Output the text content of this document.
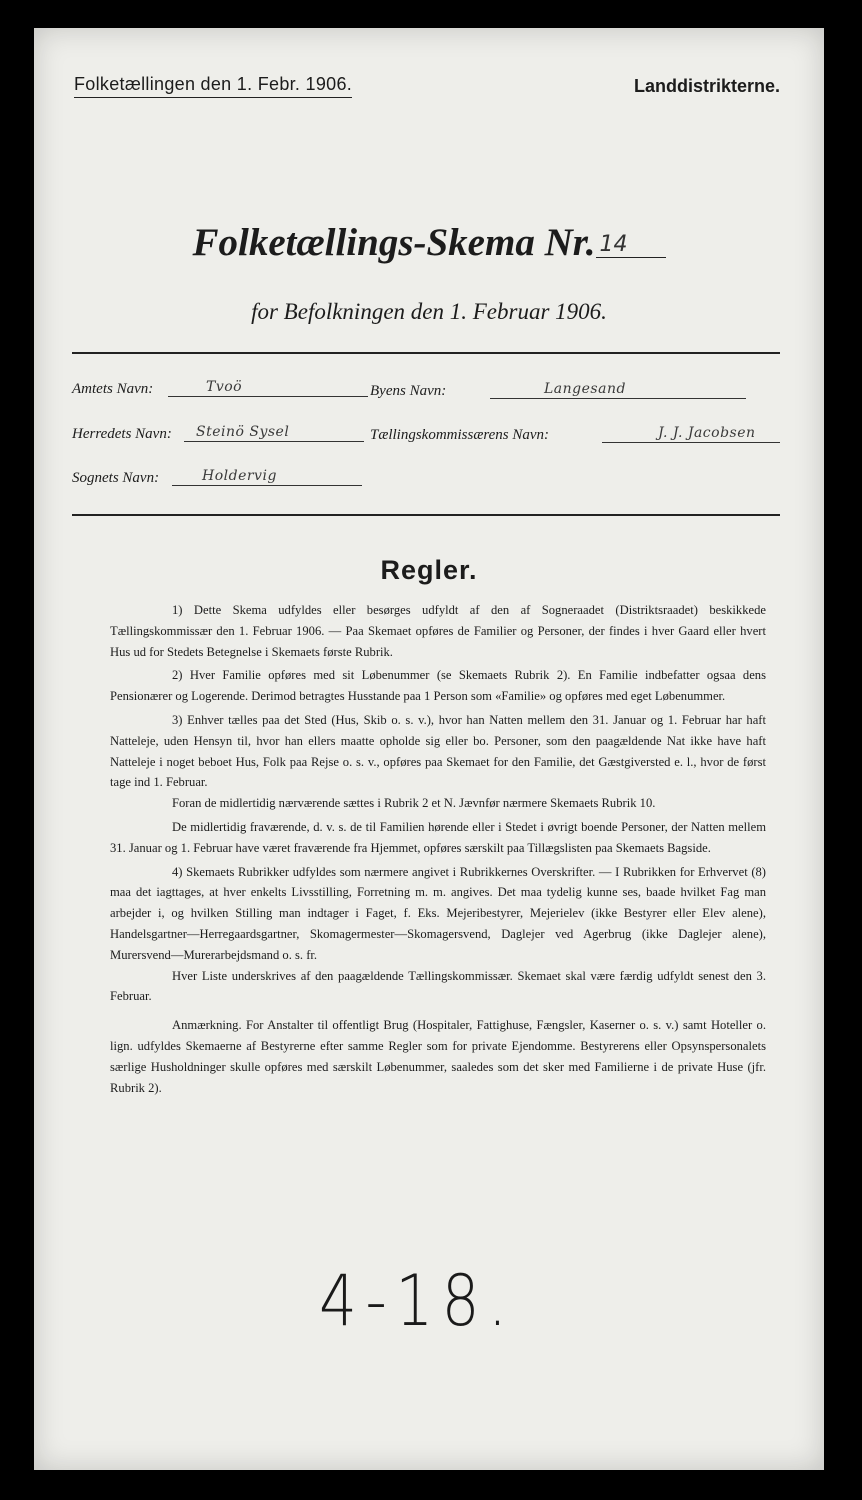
Folketællingen den 1. Febr. 1906.	Landdistrikterne.
Folketællings-Skema Nr. 14
for Befolkningen den 1. Februar 1906.
Amtets Navn:	Tvoö
Herredets Navn:	Steinö Sysel
Sognets Navn:	Holdervig
Byens Navn:	Langesand
Tællingskommissærens Navn:	J. J. Jacobsen
Regler.

1) Dette Skema udfyldes eller besørges udfyldt af den af Sogneraadet (Distriktsraadet) beskikkede Tællingskommissær den 1. Februar 1906. — Paa Skemaet opføres de Familier og Personer, der findes i hver Gaard eller hvert Hus ud for Stedets Betegnelse i Skemaets første Rubrik.

2) Hver Familie opføres med sit Løbenummer (se Skemaets Rubrik 2). En Familie indbefatter ogsaa dens Pensionærer og Logerende. Derimod betragtes Husstande paa 1 Person som «Familie» og opføres med eget Løbenummer.

3) Enhver tælles paa det Sted (Hus, Skib o. s. v.), hvor han Natten mellem den 31. Januar og 1. Februar har haft Natteleje, uden Hensyn til, hvor han ellers maatte opholde sig eller bo. Personer, som den paagældende Nat ikke have haft Natteleje i noget beboet Hus, Folk paa Rejse o. s. v., opføres paa Skemaet for den Familie, det Gæstgiversted e. l., hvor de først tage ind 1. Februar.

Foran de midlertidig nærværende sættes i Rubrik 2 et N. Jævnfør nærmere Skemaets Rubrik 10.

De midlertidig fraværende, d. v. s. de til Familien hørende eller i Stedet i øvrigt boende Personer, der Natten mellem 31. Januar og 1. Februar have været fraværende fra Hjemmet, opføres særskilt paa Tillægslisten paa Skemaets Bagside.

4) Skemaets Rubrikker udfyldes som nærmere angivet i Rubrikkernes Overskrifter. — I Rubrikken for Erhvervet (8) maa det iagttages, at hver enkelts Livsstilling, Forretning m. m. angives. Det maa tydelig kunne ses, baade hvilket Fag man arbejder i, og hvilken Stilling man indtager i Faget, f. Eks. Mejeribestyrer, Mejerielev (ikke Bestyrer eller Elev alene), Handelsgartner—Herregaardsgartner, Skomagermester—Skomagersvend, Daglejer ved Agerbrug (ikke Daglejer alene), Murersvend—Murerarbejdsmand o. s. fr.

Hver Liste underskrives af den paagældende Tællingskommissær. Skemaet skal være færdig udfyldt senest den 3. Februar.

Anmærkning. For Anstalter til offentligt Brug (Hospitaler, Fattighuse, Fængsler, Kaserner o. s. v.) samt Hoteller o. lign. udfyldes Skemaerne af Bestyrerne efter samme Regler som for private Ejendomme. Bestyrerens eller Opsynspersonalets særlige Husholdninger skulle opføres med særskilt Løbenummer, saaledes som det sker med Familierne i de private Huse (jfr. Rubrik 2).

4-18.
